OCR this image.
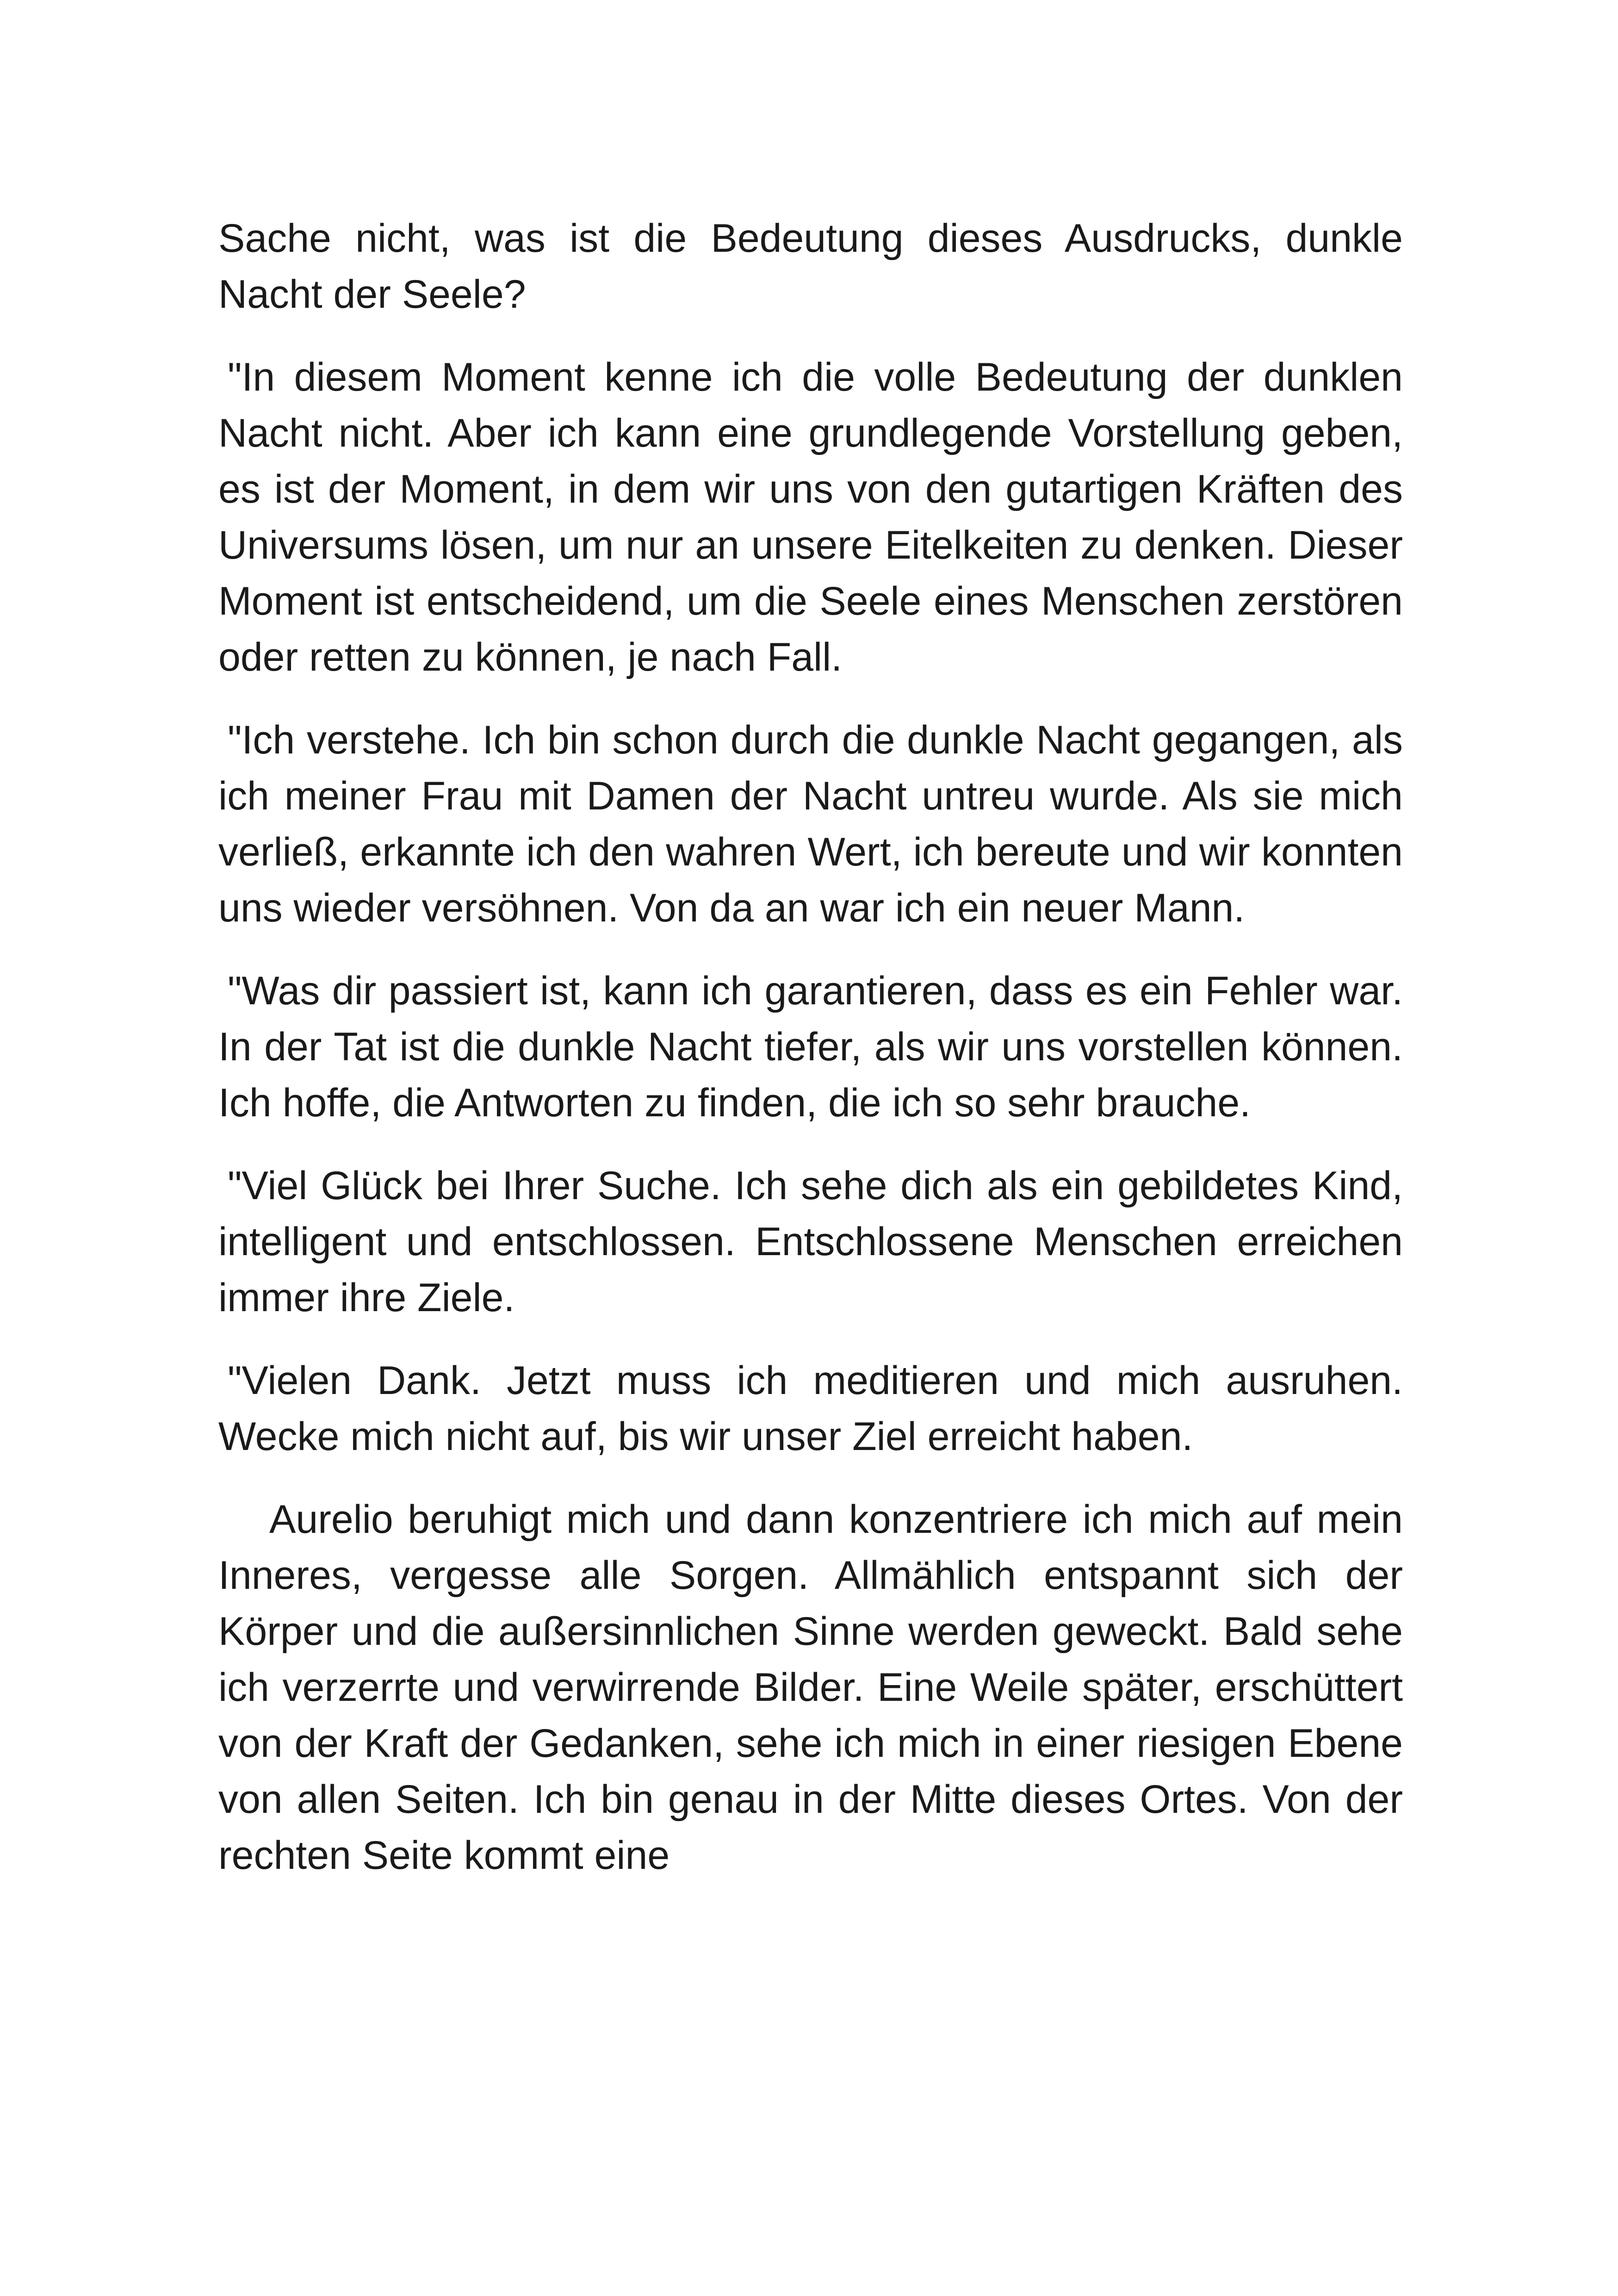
Sache nicht, was ist die Bedeutung dieses Ausdrucks, dunkle Nacht der Seele?

"In diesem Moment kenne ich die volle Bedeutung der dunklen Nacht nicht. Aber ich kann eine grundlegende Vorstellung geben, es ist der Moment, in dem wir uns von den gutartigen Kräften des Universums lösen, um nur an unsere Eitelkeiten zu denken. Dieser Moment ist entscheidend, um die Seele eines Menschen zerstören oder retten zu können, je nach Fall.

"Ich verstehe. Ich bin schon durch die dunkle Nacht gegangen, als ich meiner Frau mit Damen der Nacht untreu wurde. Als sie mich verließ, erkannte ich den wahren Wert, ich bereute und wir konnten uns wieder versöhnen. Von da an war ich ein neuer Mann.

"Was dir passiert ist, kann ich garantieren, dass es ein Fehler war. In der Tat ist die dunkle Nacht tiefer, als wir uns vorstellen können. Ich hoffe, die Antworten zu finden, die ich so sehr brauche.

"Viel Glück bei Ihrer Suche. Ich sehe dich als ein gebildetes Kind, intelligent und entschlossen. Entschlossene Menschen erreichen immer ihre Ziele.

"Vielen Dank. Jetzt muss ich meditieren und mich ausruhen. Wecke mich nicht auf, bis wir unser Ziel erreicht haben.

Aurelio beruhigt mich und dann konzentriere ich mich auf mein Inneres, vergesse alle Sorgen. Allmählich entspannt sich der Körper und die außersinnlichen Sinne werden geweckt. Bald sehe ich verzerrte und verwirrende Bilder. Eine Weile später, erschüttert von der Kraft der Gedanken, sehe ich mich in einer riesigen Ebene von allen Seiten. Ich bin genau in der Mitte dieses Ortes. Von der rechten Seite kommt eine
